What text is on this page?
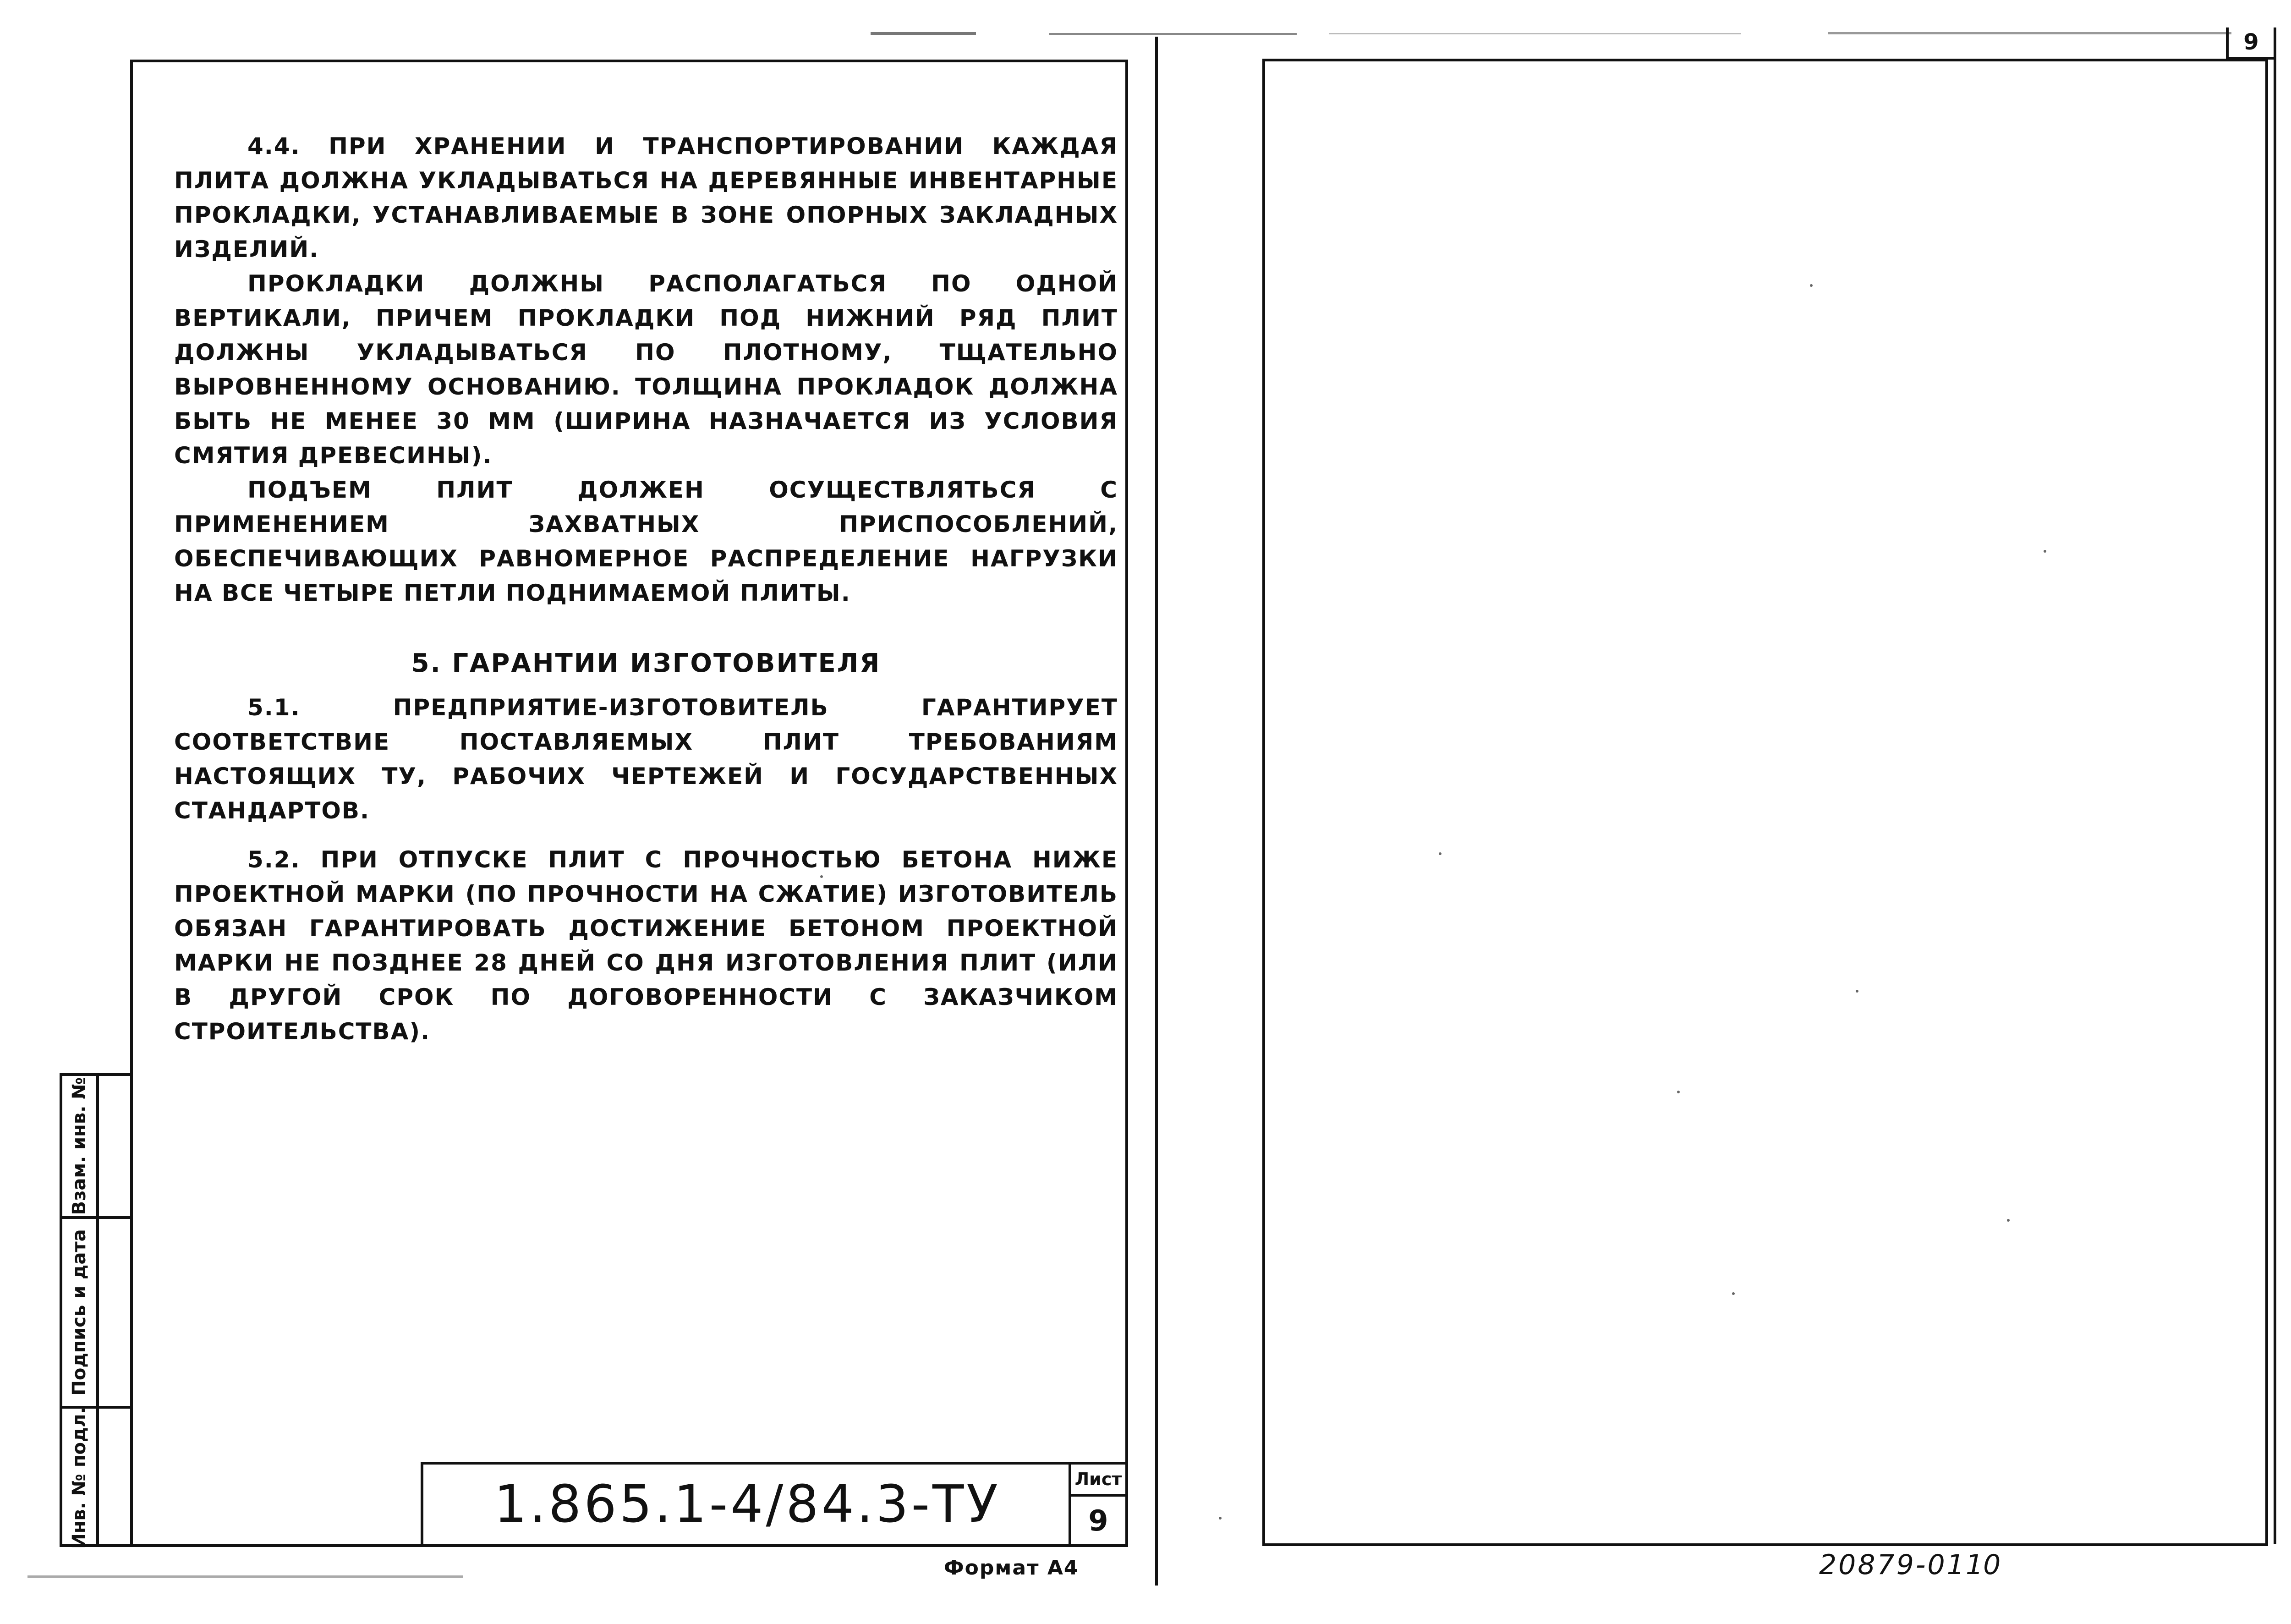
4.4. ПРИ ХРАНЕНИИ И ТРАНСПОРТИРОВАНИИ КАЖДАЯ ПЛИТА ДОЛЖНА УКЛАДЫВАТЬСЯ НА ДЕРЕВЯННЫЕ ИНВЕНТАРНЫЕ ПРОКЛАДКИ, УСТАНАВЛИВАЕМЫЕ В ЗОНЕ ОПОРНЫХ ЗАКЛАДНЫХ ИЗДЕЛИЙ.

ПРОКЛАДКИ ДОЛЖНЫ РАСПОЛАГАТЬСЯ ПО ОДНОЙ ВЕРТИКАЛИ, ПРИЧЕМ ПРОКЛАДКИ ПОД НИЖНИЙ РЯД ПЛИТ ДОЛЖНЫ УКЛАДЫВАТЬСЯ ПО ПЛОТНОМУ, ТЩАТЕЛЬНО ВЫРОВНЕННОМУ ОСНОВАНИЮ. ТОЛЩИНА ПРОКЛАДОК ДОЛЖНА БЫТЬ НЕ МЕНЕЕ 30 ММ (ШИРИНА НАЗНАЧАЕТСЯ ИЗ УСЛОВИЯ СМЯТИЯ ДРЕВЕСИНЫ).

ПОДЪЕМ ПЛИТ ДОЛЖЕН ОСУЩЕСТВЛЯТЬСЯ С ПРИМЕНЕНИЕМ ЗАХВАТНЫХ ПРИСПОСОБЛЕНИЙ, ОБЕСПЕЧИВАЮЩИХ РАВНОМЕРНОЕ РАСПРЕДЕЛЕНИЕ НАГРУЗКИ НА ВСЕ ЧЕТЫРЕ ПЕТЛИ ПОДНИМАЕМОЙ ПЛИТЫ.

5. ГАРАНТИИ ИЗГОТОВИТЕЛЯ

5.1. ПРЕДПРИЯТИЕ-ИЗГОТОВИТЕЛЬ ГАРАНТИРУЕТ СООТВЕТСТВИЕ ПОСТАВЛЯЕМЫХ ПЛИТ ТРЕБОВАНИЯМ НАСТОЯЩИХ ТУ, РАБОЧИХ ЧЕРТЕЖЕЙ И ГОСУДАРСТВЕННЫХ СТАНДАРТОВ.

5.2. ПРИ ОТПУСКЕ ПЛИТ С ПРОЧНОСТЬЮ БЕТОНА НИЖЕ ПРОЕКТНОЙ МАРКИ (ПО ПРОЧНОСТИ НА СЖАТИЕ) ИЗГОТОВИТЕЛЬ ОБЯЗАН ГАРАНТИРОВАТЬ ДОСТИЖЕНИЕ БЕТОНОМ ПРОЕКТНОЙ МАРКИ НЕ ПОЗДНЕЕ 28 ДНЕЙ СО ДНЯ ИЗГОТОВЛЕНИЯ ПЛИТ (ИЛИ В ДРУГОЙ СРОК ПО ДОГОВОРЕННОСТИ С ЗАКАЗЧИКОМ СТРОИТЕЛЬСТВА).

Взам. инв. №
Подпись и дата
Инв. № подл.	1.865.1-4/84.3-ТУ	Лист
9
Формат А4
9
20879-01 10
